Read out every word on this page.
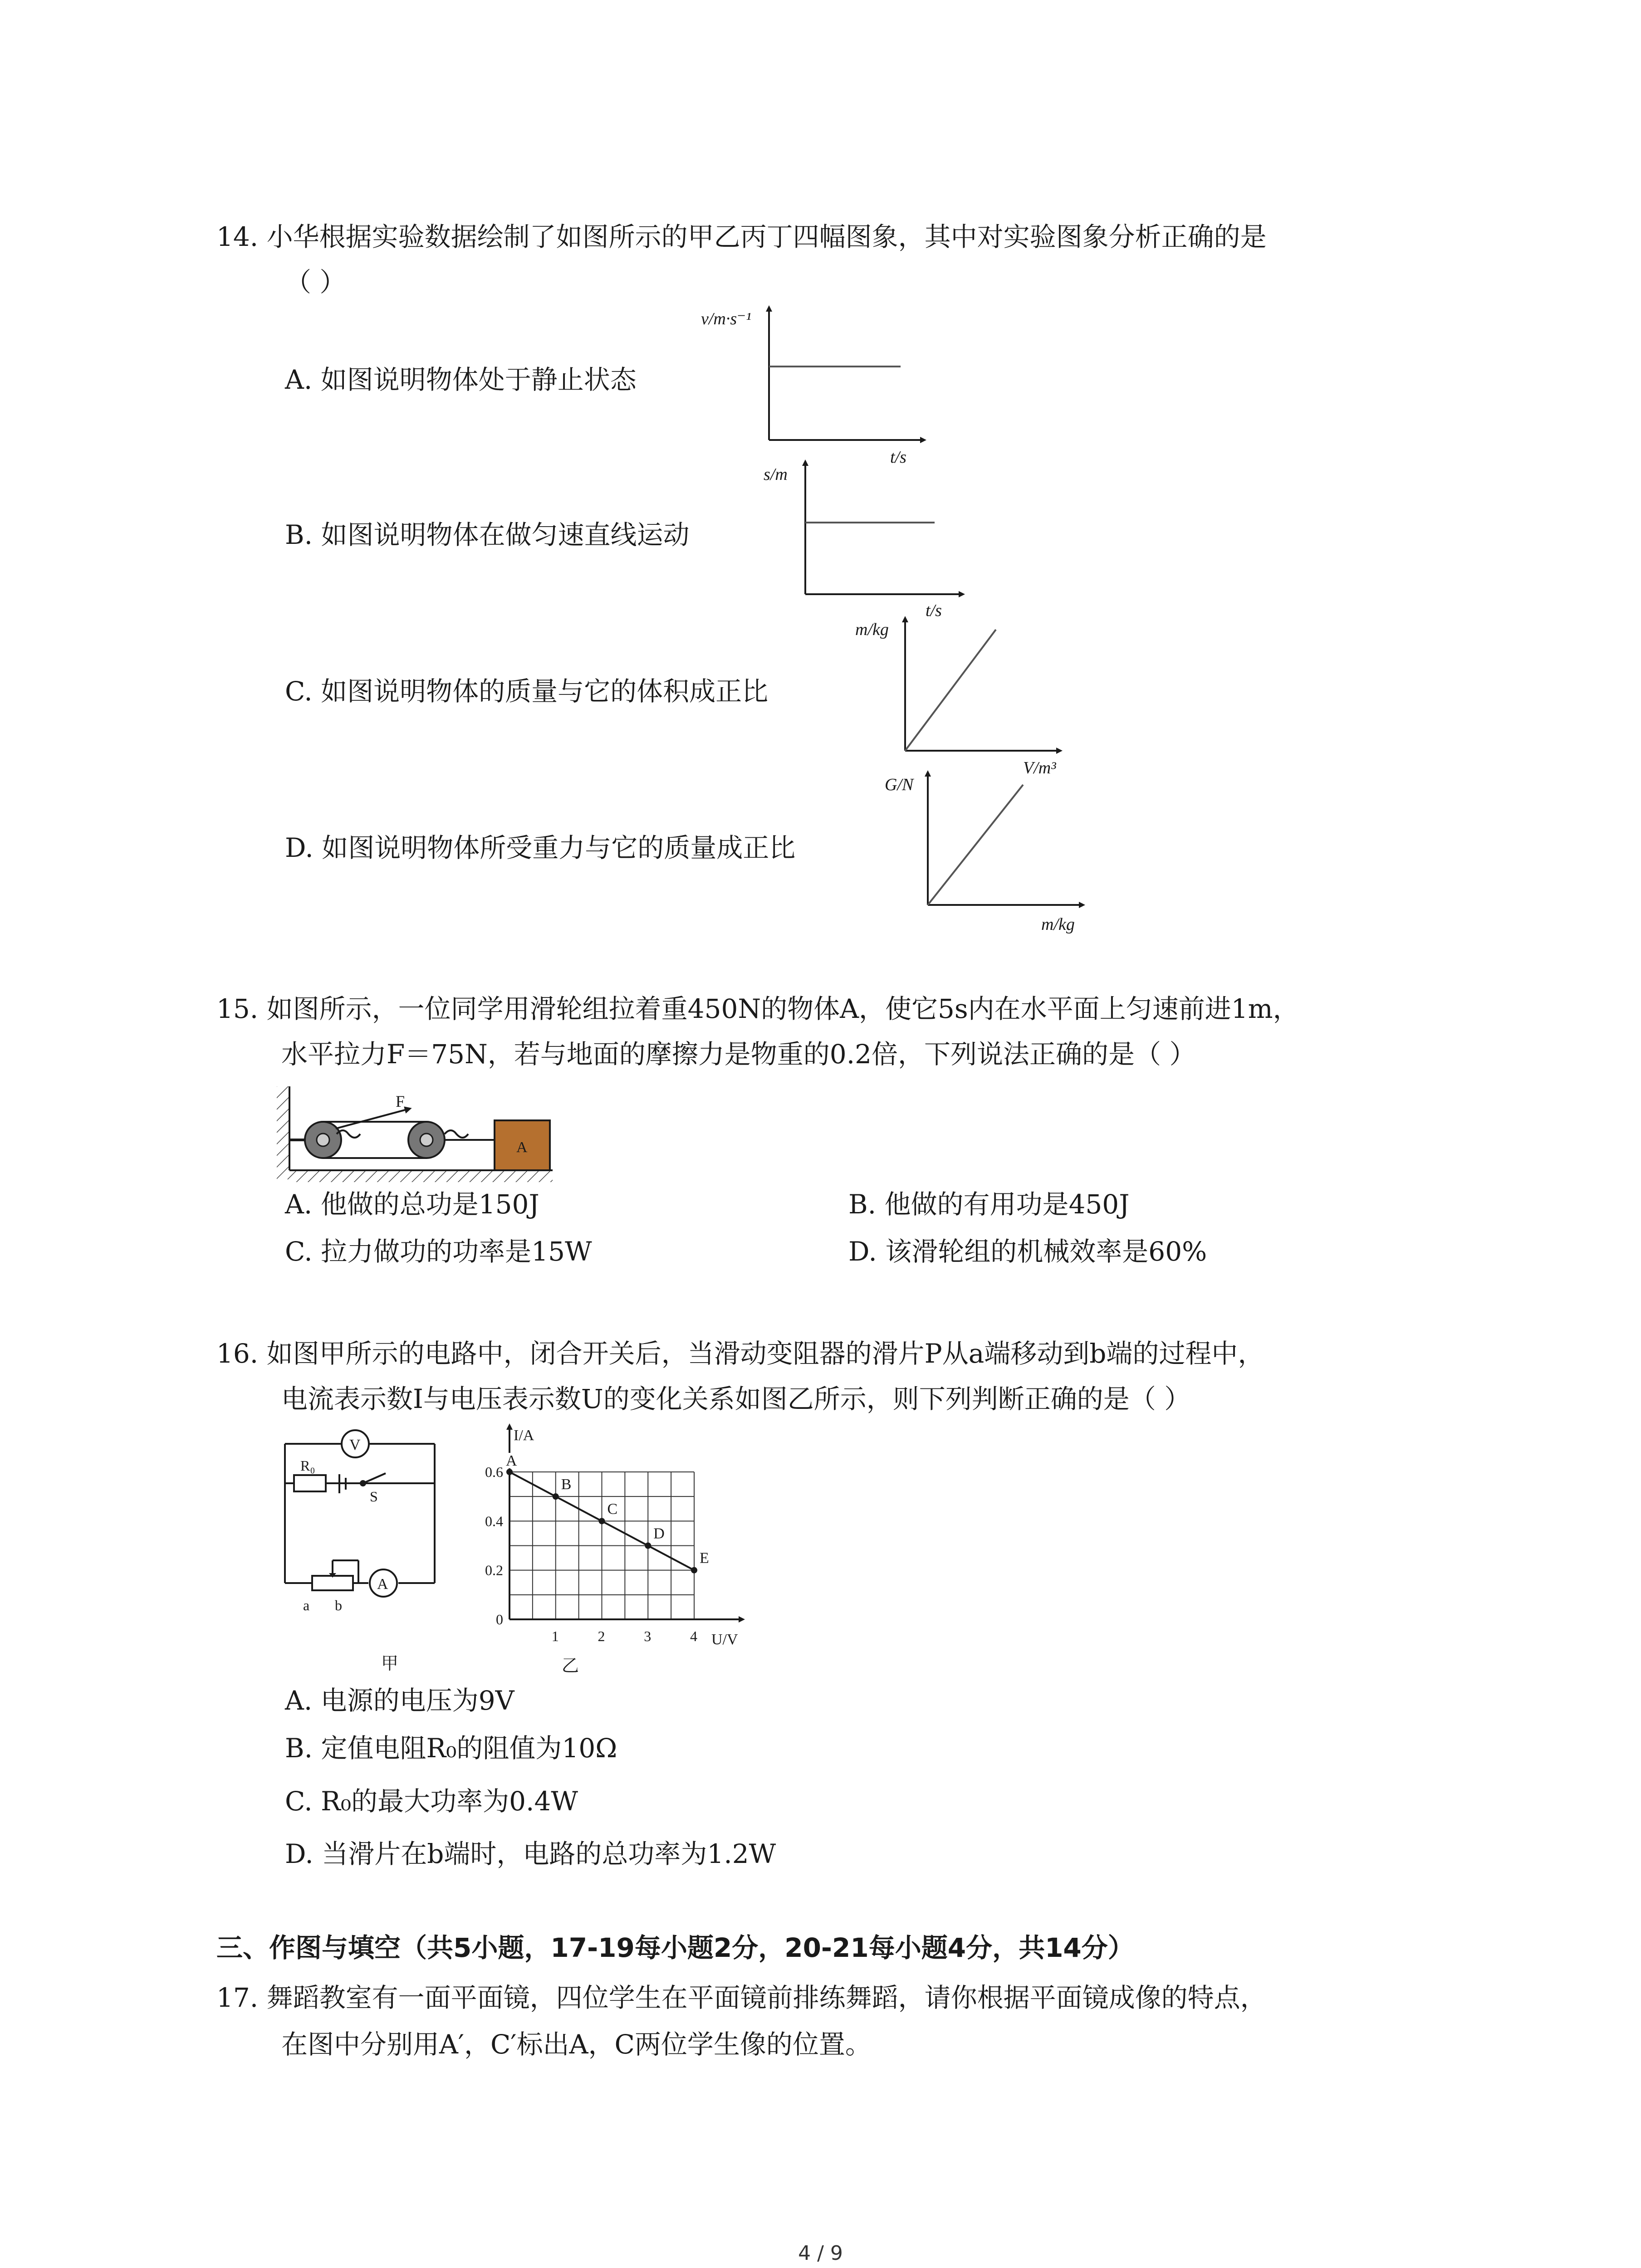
14. 小华根据实验数据绘制了如图所示的甲乙丙丁四幅图象，其中对实验图象分析正确的是
（ ）
A. 如图说明物体处于静止状态
B. 如图说明物体在做匀速直线运动
C. 如图说明物体的质量与它的体积成正比
D. 如图说明物体所受重力与它的质量成正比
v/m·s⁻¹
t/s
s/m
t/s
m/kg
V/m³
G/N
m/kg
15. 如图所示，一位同学用滑轮组拉着重450N的物体A，使它5s内在水平面上匀速前进1m，
水平拉力F＝75N，若与地面的摩擦力是物重的0.2倍，下列说法正确的是（ ）
F
A
A. 他做的总功是150J	B. 他做的有用功是450J
C. 拉力做功的功率是15W	D. 该滑轮组的机械效率是60%
16. 如图甲所示的电路中，闭合开关后，当滑动变阻器的滑片P从a端移动到b端的过程中，
电流表示数I与电压表示数U的变化关系如图乙所示，则下列判断正确的是（ ）
V
A
R₀
S
a b
甲
I/A
U/V
乙
1	2	3	4
0
0.2
0.4
0.6
A
B
C
D
E
A. 电源的电压为9V
B. 定值电阻R₀的阻值为10Ω
C. R₀的最大功率为0.4W
D. 当滑片在b端时，电路的总功率为1.2W
三、作图与填空（共5小题，17-19每小题2分，20-21每小题4分，共14分）
17. 舞蹈教室有一面平面镜，四位学生在平面镜前排练舞蹈，请你根据平面镜成像的特点，
在图中分别用A′，C′标出A，C两位学生像的位置。
4 / 9
